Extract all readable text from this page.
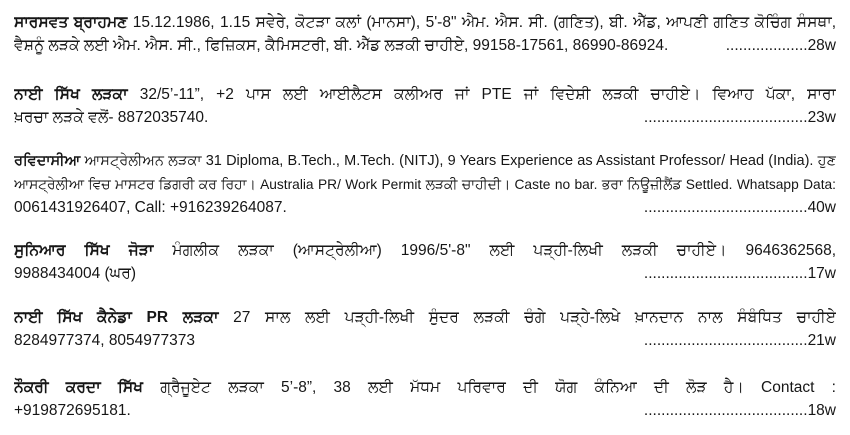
ਸਾਰਸਵਤ ਬ੍ਰਾਹਮਣ 15.12.1986, 1.15 ਸਵੇਰੇ, ਕੋਟੜਾ ਕਲਾਂ (ਮਾਨਸਾ), 5'-8" ਐਮ. ਐਸ. ਸੀ. (ਗਣਿਤ), ਬੀ. ਐੱਡ, ਆਪਣੀ ਗਣਿਤ ਕੋਚਿੰਗ ਸੰਸਥਾ,
ਵੈਸ਼ਨੂੰ ਲੜਕੇ ਲਈ ਐਮ. ਐਸ. ਸੀ., ਫਿਜ਼ਿਕਸ, ਕੈਮਿਸਟਰੀ, ਬੀ. ਐੱਡ ਲੜਕੀ ਚਾਹੀਏ, 99158-17561, 86990-86924.	................... 28w
ਨਾਈ ਸਿੱਖ ਲੜਕਾ 32/5’-11”, +2 ਪਾਸ ਲਈ ਆਈਲੈਟਸ ਕਲੀਅਰ ਜਾਂ PTE ਜਾਂ ਵਿਦੇਸ਼ੀ ਲੜਕੀ ਚਾਹੀਏ। ਵਿਆਹ ਪੱਕਾ, ਸਾਰਾ
ਖ਼ਰਚਾ ਲੜਕੇ ਵਲੋਂ- 8872035740.	...................................... 23w
ਰਵਿਦਾਸੀਆ ਆਸਟ੍ਰੇਲੀਅਨ ਲੜਕਾ 31 Diploma, B.Tech., M.Tech. (NITJ), 9 Years Experience as Assistant Professor/ Head (India). ਹੁਣ
ਆਸਟ੍ਰੇਲੀਆ ਵਿਚ ਮਾਸਟਰ ਡਿਗਰੀ ਕਰ ਰਿਹਾ। Australia PR/ Work Permit ਲੜਕੀ ਚਾਹੀਦੀ। Caste no bar. ਭਰਾ ਨਿਊਜ਼ੀਲੈਂਡ Settled. Whatsapp Data:
0061431926407, Call: +916239264087.	...................................... 40w
ਸੁਨਿਆਰ ਸਿੱਖ ਜੋੜਾ ਮੰਗਲੀਕ ਲੜਕਾ (ਆਸਟ੍ਰੇਲੀਆ) 1996/5'-8" ਲਈ ਪੜ੍ਹੀ-ਲਿਖੀ ਲੜਕੀ ਚਾਹੀਏ। 9646362568,
9988434004 (ਘਰ)	...................................... 17w
ਨਾਈ ਸਿੱਖ ਕੈਨੇਡਾ PR ਲੜਕਾ 27 ਸਾਲ ਲਈ ਪੜ੍ਹੀ-ਲਿਖੀ ਸੁੰਦਰ ਲੜਕੀ ਚੰਗੇ ਪੜ੍ਹੇ-ਲਿਖੇ ਖ਼ਾਨਦਾਨ ਨਾਲ ਸੰਬੰਧਿਤ ਚਾਹੀਏ
8284977374, 8054977373	...................................... 21w
ਨੌਕਰੀ ਕਰਦਾ ਸਿੱਖ ਗ੍ਰੈਜੂਏਟ ਲੜਕਾ 5’-8”, 38 ਲਈ ਮੱਧਮ ਪਰਿਵਾਰ ਦੀ ਯੋਗ ਕੰਨਿਆ ਦੀ ਲੋੜ ਹੈ। Contact :
+919872695181.	...................................... 18w
